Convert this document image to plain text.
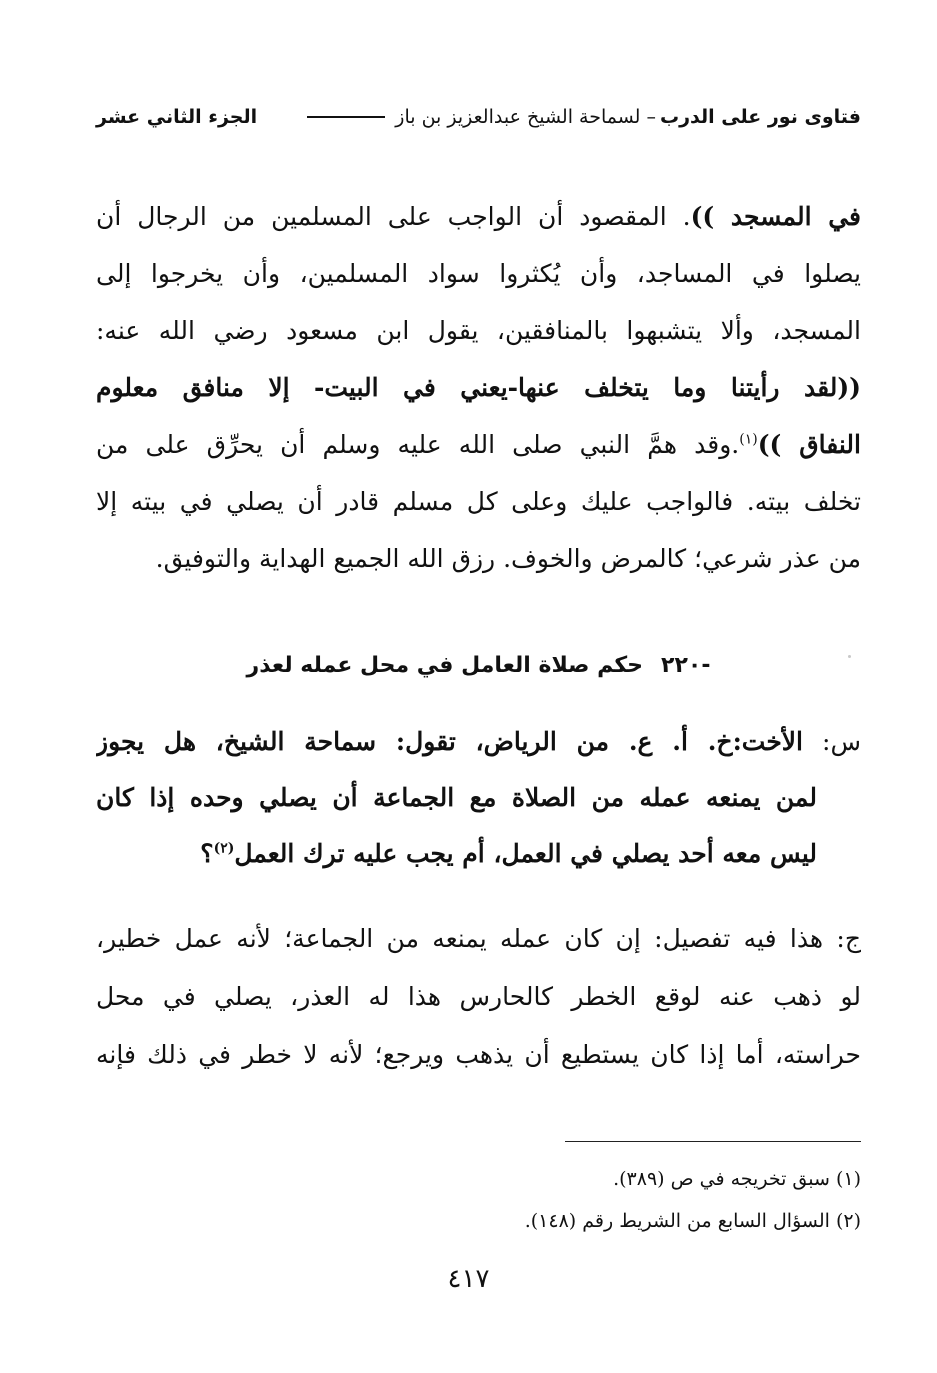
فتاوى نور على الدرب
– لسماحة الشيخ عبدالعزيز بن باز
الجزء الثاني عشر
في المسجد )). المقصود أن الواجب على المسلمين من الرجال أن
يصلوا في المساجد، وأن يُكثروا سواد المسلمين، وأن يخرجوا إلى
المسجد، وألا يتشبهوا بالمنافقين، يقول ابن مسعود رضي الله عنه:
((لقد رأيتنا وما يتخلف عنها-يعني في البيت- إلا منافق معلوم
النفاق ))$^{(١)}$.وقد همَّ النبي صلى الله عليه وسلم أن يحرِّق على من
تخلف بيته. فالواجب عليك وعلى كل مسلم قادر أن يصلي في بيته إلا
من عذر شرعي؛ كالمرض والخوف. رزق الله الجميع الهداية والتوفيق.
-٢٢٠حكم صلاة العامل في محل عمله لعذر
س: الأخت:خ. أ. ع. من الرياض، تقول: سماحة الشيخ، هل يجوز
لمن يمنعه عمله من الصلاة مع الجماعة أن يصلي وحده إذا كان
ليس معه أحد يصلي في العمل، أم يجب عليه ترك العمل$^{(٢)}$؟
ج: هذا فيه تفصيل: إن كان عمله يمنعه من الجماعة؛ لأنه عمل خطير،
لو ذهب عنه لوقع الخطر كالحارس هذا له العذر، يصلي في محل
حراسته، أما إذا كان يستطيع أن يذهب ويرجع؛ لأنه لا خطر في ذلك فإنه
(١) سبق تخريجه في ص (٣٨٩).
(٢) السؤال السابع من الشريط رقم (١٤٨).
٤١٧
